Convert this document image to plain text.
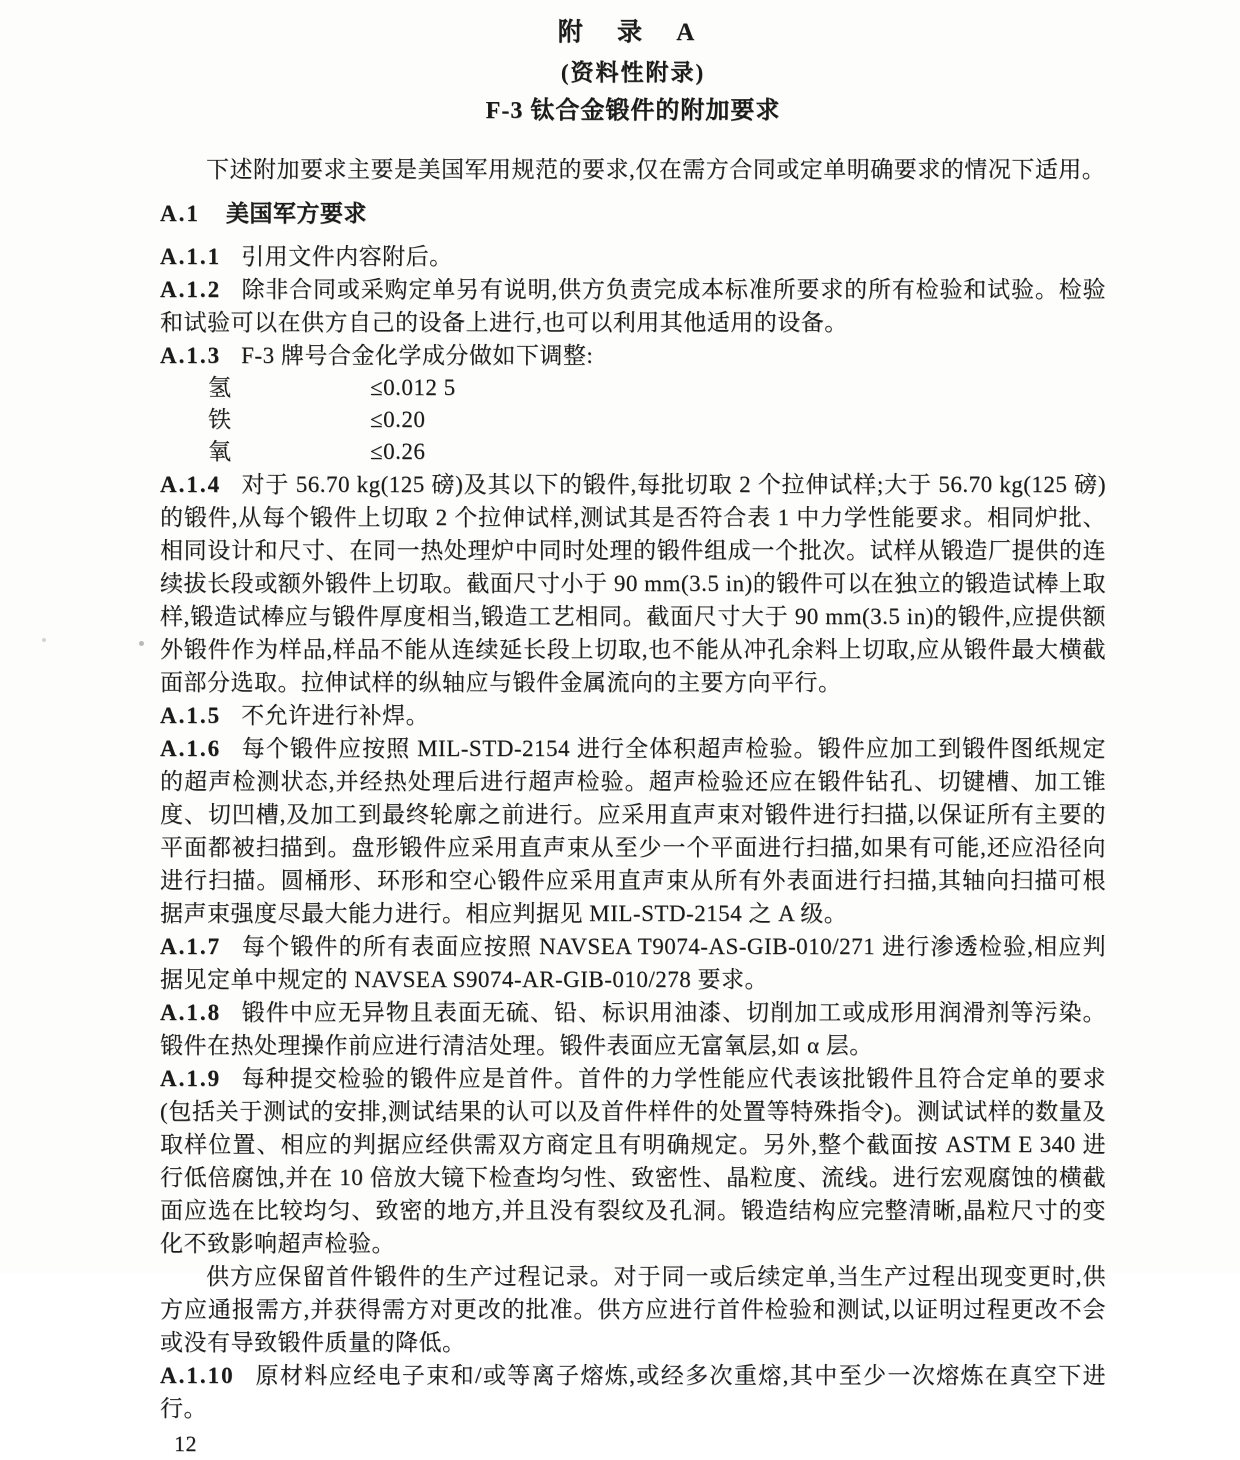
附 录 A
(资料性附录)
F-3 钛合金锻件的附加要求

下述附加要求主要是美国军用规范的要求,仅在需方合同或定单明确要求的情况下适用。

A.1 美国军方要求

A.1.1 引用文件内容附后。

A.1.2 除非合同或采购定单另有说明,供方负责完成本标准所要求的所有检验和试验。检验和试验可以在供方自己的设备上进行,也可以利用其他适用的设备。

A.1.3 F-3 牌号合金化学成分做如下调整:

氢	≤0.012 5
铁	≤0.20
氧	≤0.26

A.1.4 对于 56.70 kg(125 磅)及其以下的锻件,每批切取 2 个拉伸试样;大于 56.70 kg(125 磅)的锻件,从每个锻件上切取 2 个拉伸试样,测试其是否符合表 1 中力学性能要求。相同炉批、相同设计和尺寸、在同一热处理炉中同时处理的锻件组成一个批次。试样从锻造厂提供的连续拔长段或额外锻件上切取。截面尺寸小于 90 mm(3.5 in)的锻件可以在独立的锻造试棒上取样,锻造试棒应与锻件厚度相当,锻造工艺相同。截面尺寸大于 90 mm(3.5 in)的锻件,应提供额外锻件作为样品,样品不能从连续延长段上切取,也不能从冲孔余料上切取,应从锻件最大横截面部分选取。拉伸试样的纵轴应与锻件金属流向的主要方向平行。

A.1.5 不允许进行补焊。

A.1.6 每个锻件应按照 MIL-STD-2154 进行全体积超声检验。锻件应加工到锻件图纸规定的超声检测状态,并经热处理后进行超声检验。超声检验还应在锻件钻孔、切键槽、加工锥度、切凹槽,及加工到最终轮廓之前进行。应采用直声束对锻件进行扫描,以保证所有主要的平面都被扫描到。盘形锻件应采用直声束从至少一个平面进行扫描,如果有可能,还应沿径向进行扫描。圆桶形、环形和空心锻件应采用直声束从所有外表面进行扫描,其轴向扫描可根据声束强度尽最大能力进行。相应判据见 MIL-STD-2154 之 A 级。

A.1.7 每个锻件的所有表面应按照 NAVSEA T9074-AS-GIB-010/271 进行渗透检验,相应判据见定单中规定的 NAVSEA S9074-AR-GIB-010/278 要求。

A.1.8 锻件中应无异物且表面无硫、铅、标识用油漆、切削加工或成形用润滑剂等污染。锻件在热处理操作前应进行清洁处理。锻件表面应无富氧层,如 α 层。

A.1.9 每种提交检验的锻件应是首件。首件的力学性能应代表该批锻件且符合定单的要求(包括关于测试的安排,测试结果的认可以及首件样件的处置等特殊指令)。测试试样的数量及取样位置、相应的判据应经供需双方商定且有明确规定。另外,整个截面按 ASTM E 340 进行低倍腐蚀,并在 10 倍放大镜下检查均匀性、致密性、晶粒度、流线。进行宏观腐蚀的横截面应选在比较均匀、致密的地方,并且没有裂纹及孔洞。锻造结构应完整清晰,晶粒尺寸的变化不致影响超声检验。

供方应保留首件锻件的生产过程记录。对于同一或后续定单,当生产过程出现变更时,供方应通报需方,并获得需方对更改的批准。供方应进行首件检验和测试,以证明过程更改不会或没有导致锻件质量的降低。

A.1.10 原材料应经电子束和/或等离子熔炼,或经多次重熔,其中至少一次熔炼在真空下进行。

12
